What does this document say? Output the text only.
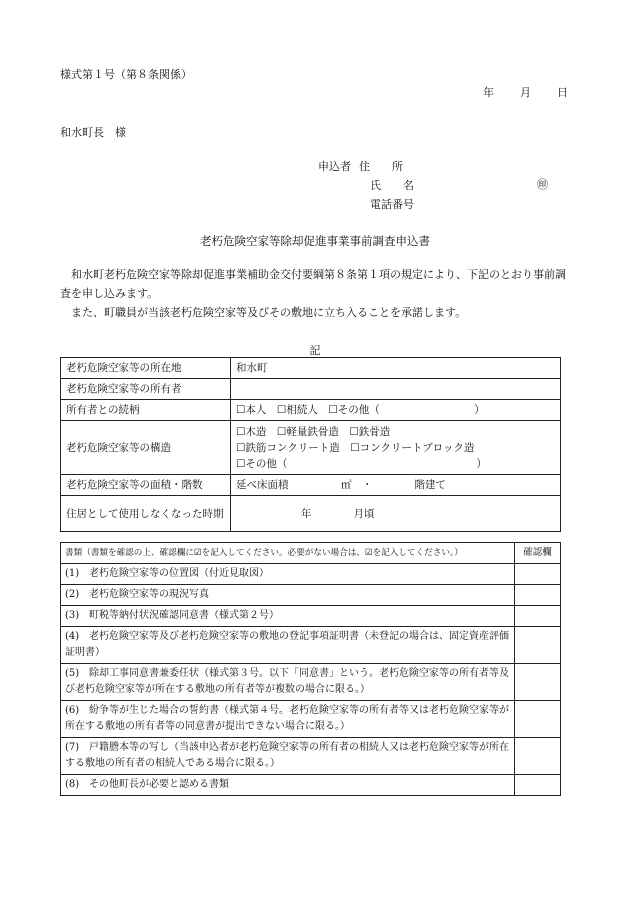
様式第１号（第８条関係）
年 月 日
和水町長　様
申込者 住　　所
氏　　名
電話番号
㊞
老朽危険空家等除却促進事業事前調査申込書
和水町老朽危険空家等除却促進事業補助金交付要綱第８条第１項の規定により、下記のとおり事前調査を申し込みます。
また、町職員が当該老朽危険空家等及びその敷地に立ち入ることを承諾します。
記
老朽危険空家等の所在地	和水町
老朽危険空家等の所有者	
所有者との続柄	☐本人　☐相続人　☐その他（　　　　　　　　　）
老朽危険空家等の構造	☐木造　☐軽量鉄骨造　☐鉄骨造
☐鉄筋コンクリート造　☐コンクリートブロック造
☐その他（　　　　　　　　　　　　　　　　　　）

老朽危険空家等の面積・階数	延べ床面積　　　　　㎡　・　　　　階建て
住居として使用しなくなった時期	年　　　　月頃
書類（書類を確認の上、確認欄に☑を記入してください。必要がない場合は、☑を記入してください。）	確認欄
(1) 老朽危険空家等の位置図（付近見取図）	
(2) 老朽危険空家等の現況写真	
(3) 町税等納付状況確認同意書（様式第２号）	
(4) 老朽危険空家等及び老朽危険空家等の敷地の登記事項証明書（未登記の場合は、固定資産評価証明書）	
(5) 除却工事同意書兼委任状（様式第３号。以下「同意書」という。老朽危険空家等の所有者等及び老朽危険空家等が所在する敷地の所有者等が複数の場合に限る。）	
(6) 紛争等が生じた場合の誓約書（様式第４号。老朽危険空家等の所有者等又は老朽危険空家等が所在する敷地の所有者等の同意書が提出できない場合に限る。）	
(7) 戸籍謄本等の写し（当該申込者が老朽危険空家等の所有者の相続人又は老朽危険空家等が所在する敷地の所有者の相続人である場合に限る。）	
(8) その他町長が必要と認める書類	
